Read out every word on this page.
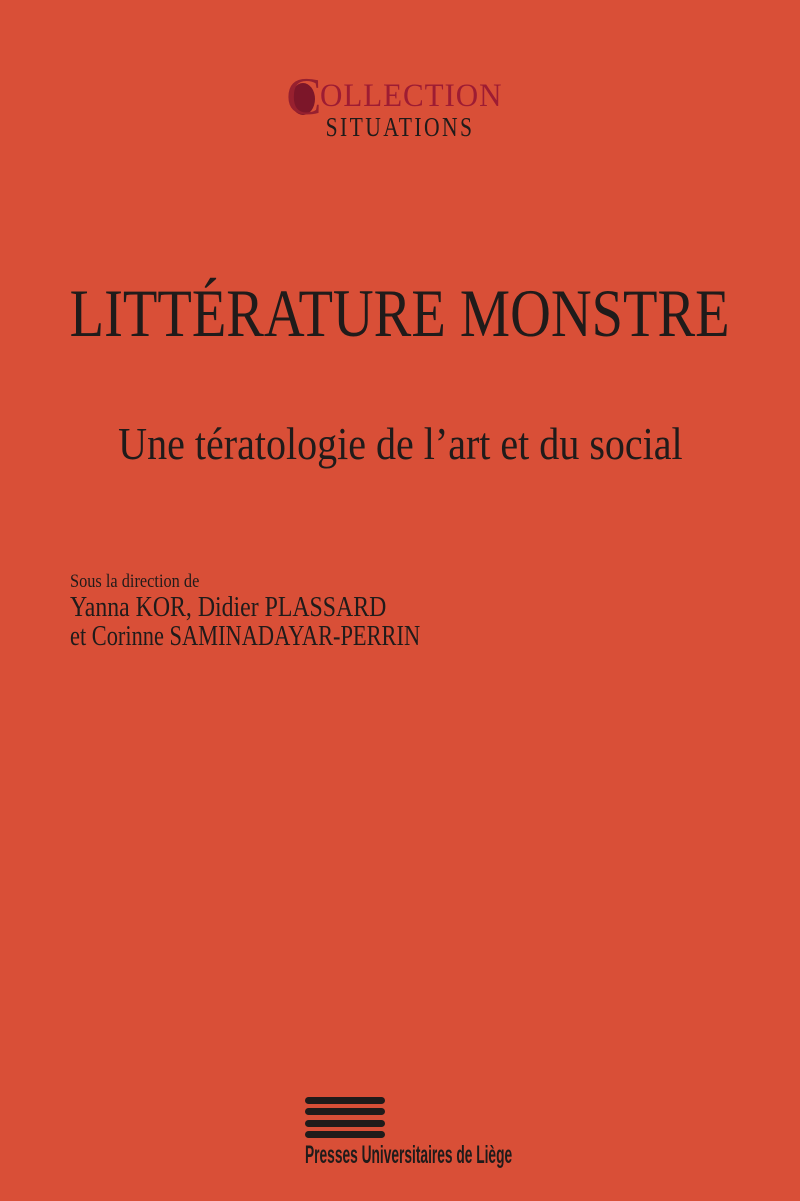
C
OLLECTION
SITUATIONS
LITTÉRATURE MONSTRE
Une tératologie de l’art et du social
Sous la direction de
Yanna KOR, Didier PLASSARD
et Corinne SAMINADAYAR-PERRIN
Presses Universitaires de Liège
